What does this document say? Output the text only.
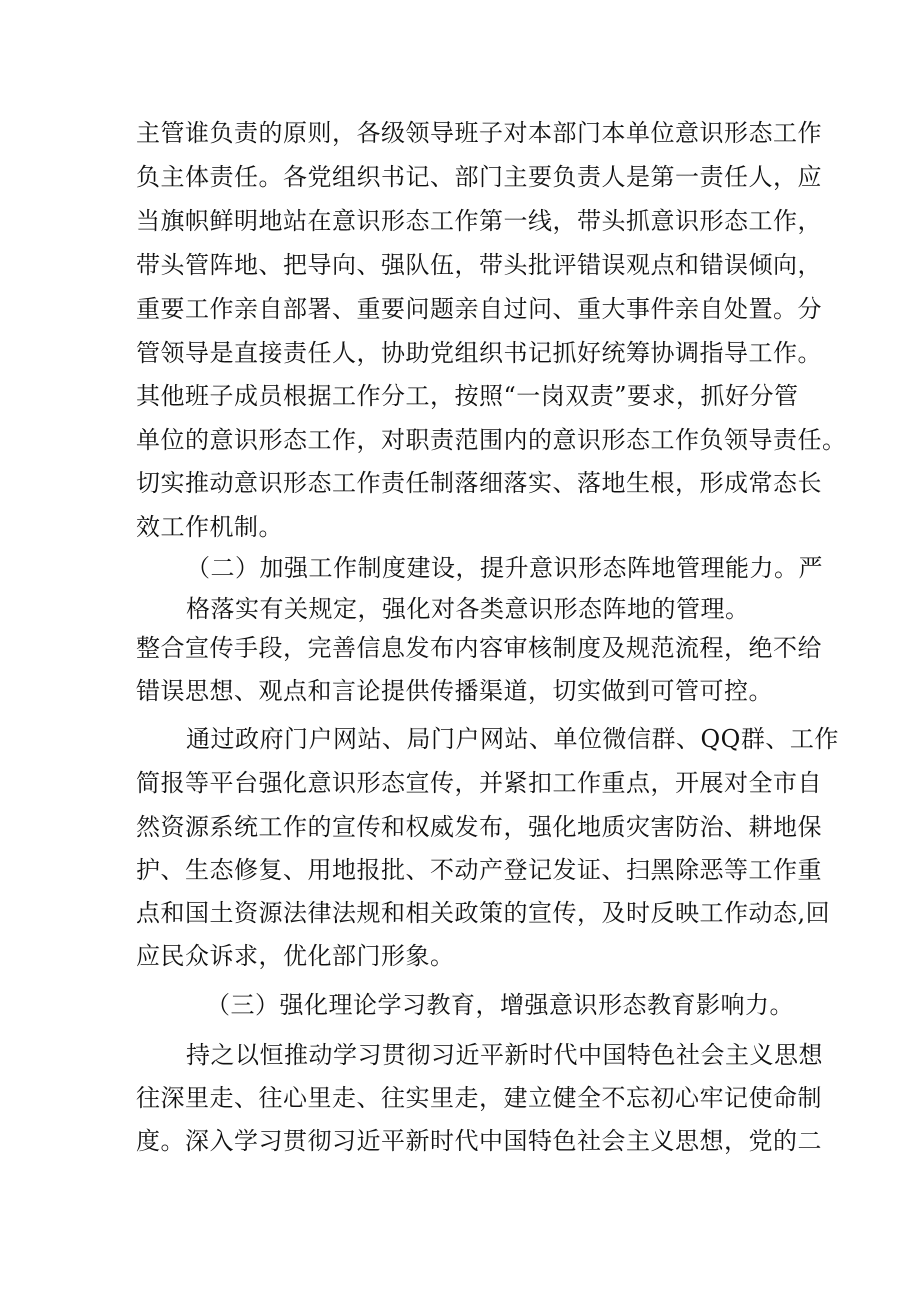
主管谁负责的原则，各级领导班子对本部门本单位意识形态工作
负主体责任。各党组织书记、部门主要负责人是第一责任人，应
当旗帜鲜明地站在意识形态工作第一线，带头抓意识形态工作，
带头管阵地、把导向、强队伍，带头批评错误观点和错误倾向，
重要工作亲自部署、重要问题亲自过问、重大事件亲自处置。分
管领导是直接责任人，协助党组织书记抓好统筹协调指导工作。
其他班子成员根据工作分工，按照“一岗双责”要求，抓好分管
单位的意识形态工作，对职责范围内的意识形态工作负领导责任。
切实推动意识形态工作责任制落细落实、落地生根，形成常态长
效工作机制。
（二）加强工作制度建设，提升意识形态阵地管理能力。严
格落实有关规定，强化对各类意识形态阵地的管理。
整合宣传手段，完善信息发布内容审核制度及规范流程，绝不给
错误思想、观点和言论提供传播渠道，切实做到可管可控。
通过政府门户网站、局门户网站、单位微信群、QQ群、工作
简报等平台强化意识形态宣传，并紧扣工作重点，开展对全市自
然资源系统工作的宣传和权威发布，强化地质灾害防治、耕地保
护、生态修复、用地报批、不动产登记发证、扫黑除恶等工作重
点和国土资源法律法规和相关政策的宣传，及时反映工作动态,回
应民众诉求，优化部门形象。
（三）强化理论学习教育，增强意识形态教育影响力。
持之以恒推动学习贯彻习近平新时代中国特色社会主义思想
往深里走、往心里走、往实里走，建立健全不忘初心牢记使命制
度。深入学习贯彻习近平新时代中国特色社会主义思想，党的二
